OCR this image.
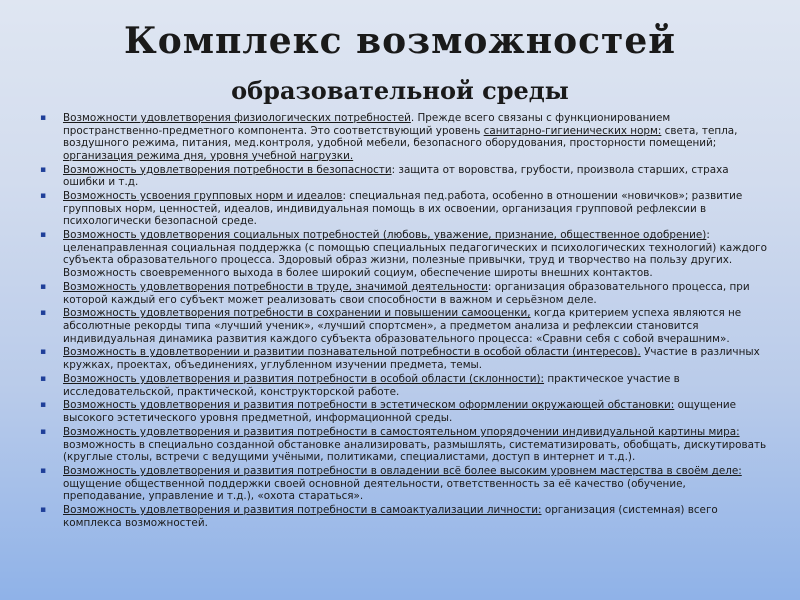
Комплекс возможностей
образовательной среды
▪ Возможности удовлетворения физиологических потребностей. Прежде всего связаны с функционированием пространственно-предметного компонента. Это соответствующий уровень санитарно-гигиенических норм: света, тепла, воздушного режима, питания, мед.контроля, удобной мебели, безопасного оборудования, просторности помещений; организация режима дня, уровня учебной нагрузки.
▪ Возможность удовлетворения потребности в безопасности: защита от воровства, грубости, произвола старших, страха ошибки и т.д.
▪ Возможность усвоения групповых норм и идеалов: специальная пед.работа, особенно в отношении «новичков»; развитие групповых норм, ценностей, идеалов, индивидуальная помощь в их освоении, организация групповой рефлексии в психологически безопасной среде.
▪ Возможность удовлетворения социальных потребностей (любовь, уважение, признание, общественное одобрение): целенаправленная социальная поддержка (с помощью специальных педагогических и психологических технологий) каждого субъекта образовательного процесса. Здоровый образ жизни, полезные привычки, труд и творчество на пользу других. Возможность своевременного выхода в более широкий социум, обеспечение широты внешних контактов.
▪ Возможность удовлетворения потребности в труде, значимой деятельности: организация образовательного процесса, при которой каждый его субъект может реализовать свои способности в важном и серьёзном деле.
▪ Возможность удовлетворения потребности в сохранении и повышении самооценки, когда критерием успеха являются не абсолютные рекорды типа «лучший ученик», «лучший спортсмен», а предметом анализа и рефлексии становится индивидуальная динамика развития каждого субъекта образовательного процесса: «Сравни себя с собой вчерашним».
▪ Возможность в удовлетворении и развитии познавательной потребности в особой области (интересов). Участие в различных кружках, проектах, объединениях, углубленном изучении предмета, темы.
▪ Возможность удовлетворения и развития потребности в особой области (склонности): практическое участие в исследовательской, практической, конструкторской работе.
▪ Возможность удовлетворения и развития потребности в эстетическом оформлении окружающей обстановки: ощущение высокого эстетического уровня предметной, информационной среды.
▪ Возможность удовлетворения и развития потребности в самостоятельном упорядочении индивидуальной картины мира: возможность в специально созданной обстановке анализировать, размышлять, систематизировать, обобщать, дискутировать (круглые столы, встречи с ведущими учёными, политиками, специалистами, доступ в интернет и т.д.).
▪ Возможность удовлетворения и развития потребности в овладении всё более высоким уровнем мастерства в своём деле: ощущение общественной поддержки своей основной деятельности, ответственность за её качество (обучение, преподавание, управление и т.д.), «охота стараться».
▪ Возможность удовлетворения и развития потребности в самоактуализации личности: организация (системная) всего комплекса возможностей.
